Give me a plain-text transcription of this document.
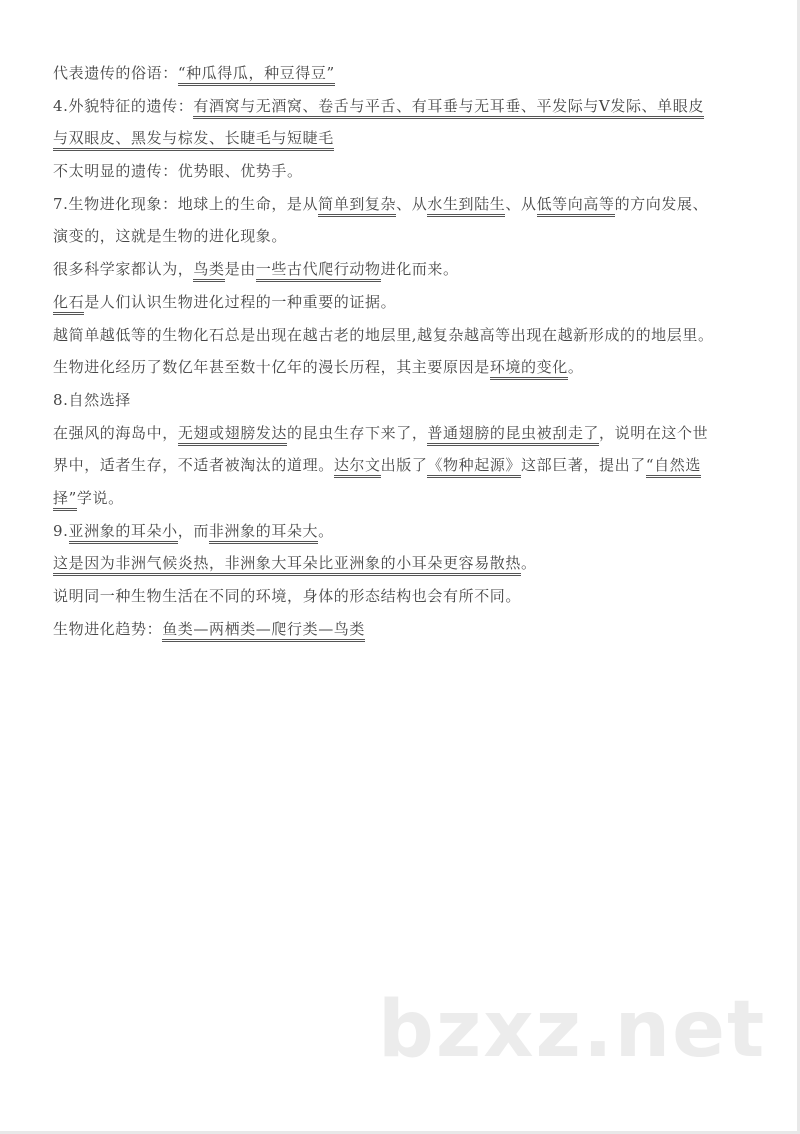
代表遗传的俗语：“种瓜得瓜，种豆得豆”
4.外貌特征的遗传：有酒窝与无酒窝、卷舌与平舌、有耳垂与无耳垂、平发际与V发际、单眼皮
与双眼皮、黑发与棕发、长睫毛与短睫毛
不太明显的遗传：优势眼、优势手。
7.生物进化现象：地球上的生命，是从简单到复杂、从水生到陆生、从低等向高等的方向发展、
演变的，这就是生物的进化现象。
很多科学家都认为，鸟类是由一些古代爬行动物进化而来。
化石是人们认识生物进化过程的一种重要的证据。
越简单越低等的生物化石总是出现在越古老的地层里,越复杂越高等出现在越新形成的的地层里。
生物进化经历了数亿年甚至数十亿年的漫长历程，其主要原因是环境的变化。
8.自然选择
在强风的海岛中，无翅或翅膀发达的昆虫生存下来了，普通翅膀的昆虫被刮走了，说明在这个世
界中，适者生存，不适者被淘汰的道理。达尔文出版了《物种起源》这部巨著，提出了“自然选
择”学说。
9.亚洲象的耳朵小，而非洲象的耳朵大。
这是因为非洲气候炎热，非洲象大耳朵比亚洲象的小耳朵更容易散热。
说明同一种生物生活在不同的环境，身体的形态结构也会有所不同。
生物进化趋势：鱼类—两栖类—爬行类—鸟类
bzxz.net
